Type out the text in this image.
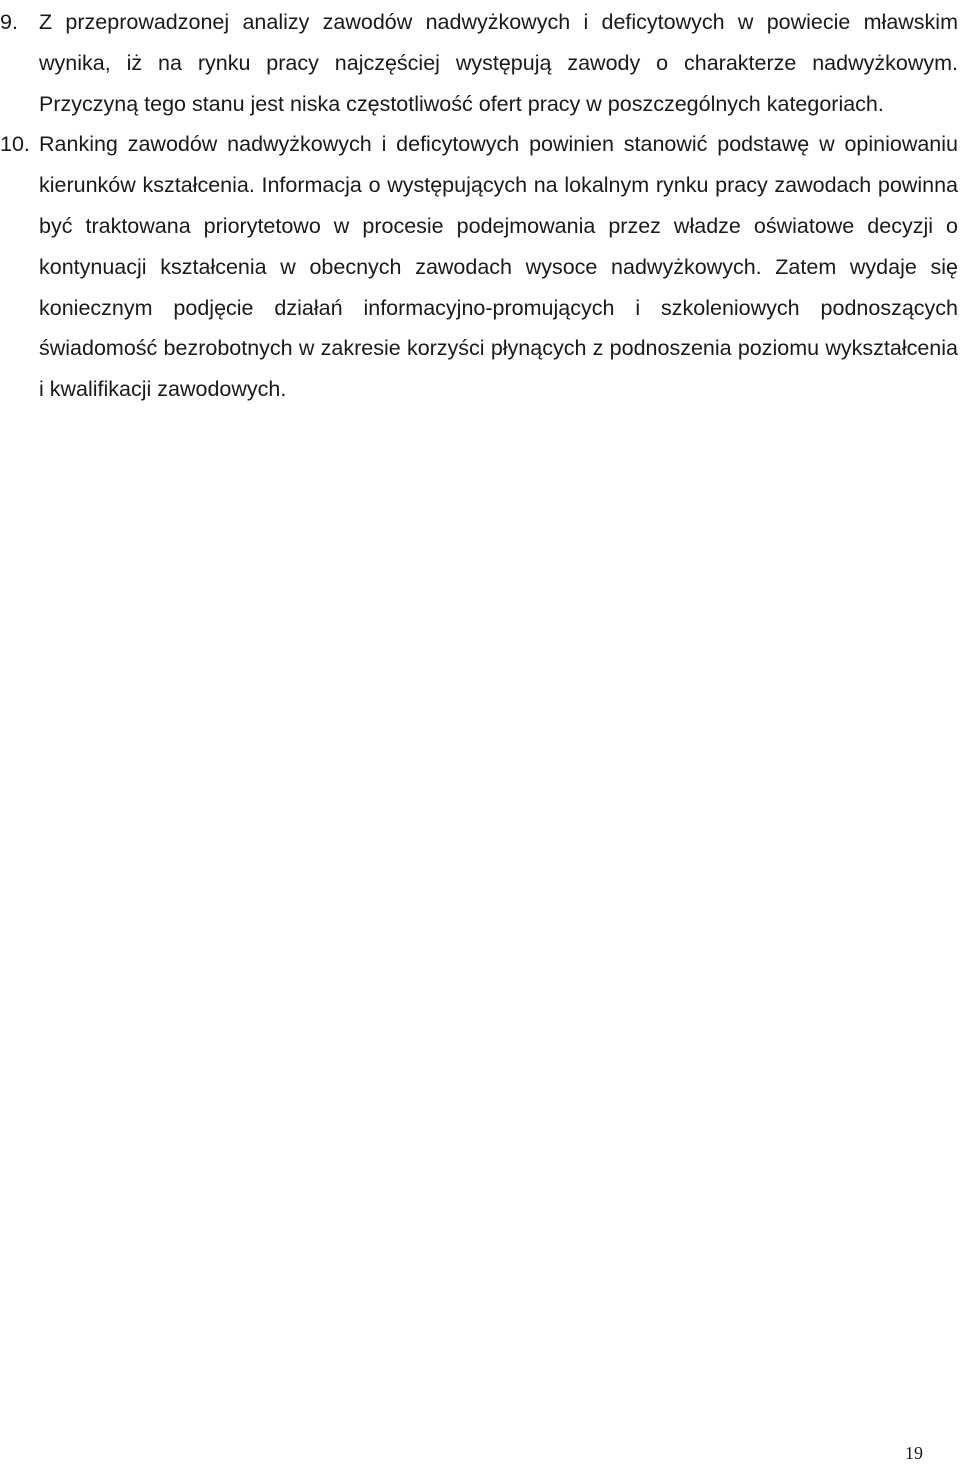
9. Z przeprowadzonej analizy zawodów nadwyżkowych i deficytowych w powiecie mławskim wynika, iż na rynku pracy najczęściej występują zawody o charakterze nadwyżkowym. Przyczyną tego stanu jest niska częstotliwość ofert pracy w poszczególnych kategoriach.
10. Ranking zawodów nadwyżkowych i deficytowych powinien stanowić podstawę w opiniowaniu kierunków kształcenia. Informacja o występujących na lokalnym rynku pracy zawodach powinna być traktowana priorytetowo w procesie podejmowania przez władze oświatowe decyzji o kontynuacji kształcenia w obecnych zawodach wysoce nadwyżkowych. Zatem wydaje się koniecznym podjęcie działań informacyjno-promujących i szkoleniowych podnoszących świadomość bezrobotnych w zakresie korzyści płynących z podnoszenia poziomu wykształcenia i kwalifikacji zawodowych.
19
